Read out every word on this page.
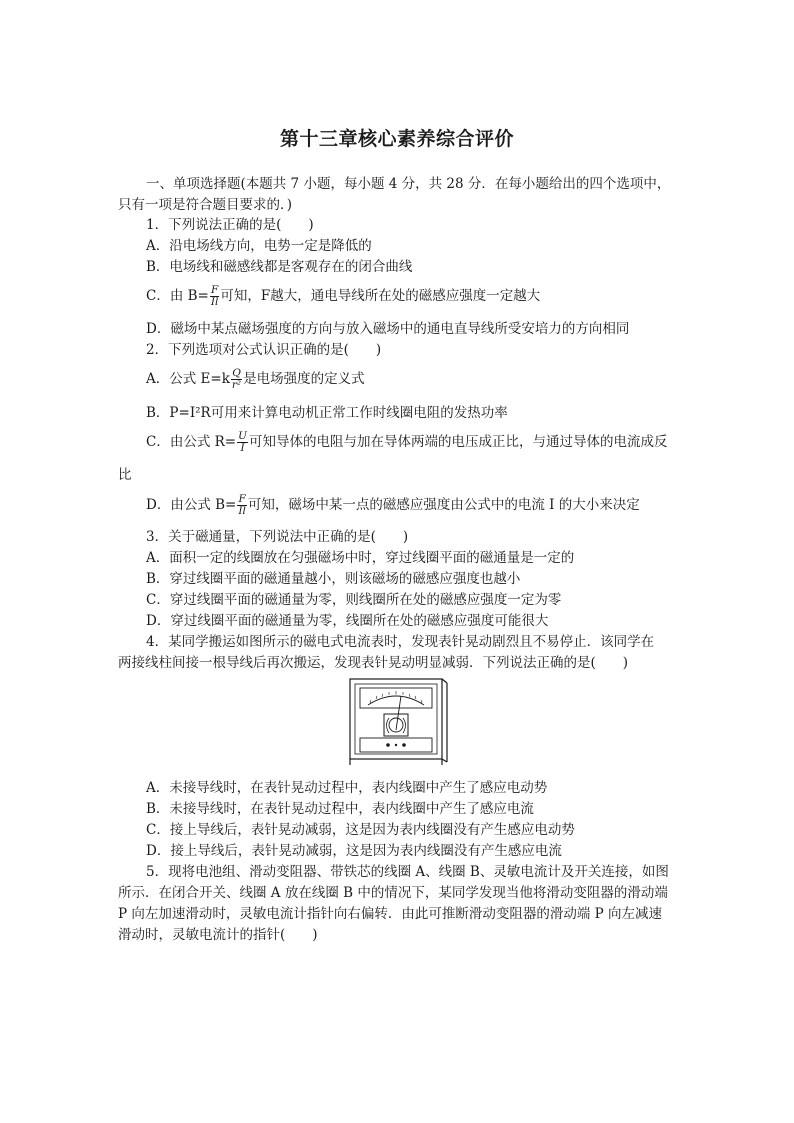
第十三章核心素养综合评价
一、单项选择题(本题共 7 小题，每小题 4 分，共 28 分．在每小题给出的四个选项中，
只有一项是符合题目要求的．)
1．下列说法正确的是(　　)
A．沿电场线方向，电势一定是降低的
B．电场线和磁感线都是客观存在的闭合曲线
C．由 $B= \frac{F}{Il}$ 可知，F越大，通电导线所在处的磁感应强度一定越大
D．磁场中某点磁场强度的方向与放入磁场中的通电直导线所受安培力的方向相同
2．下列选项对公式认识正确的是(　　)
A．公式 $E=k \frac{Q}{\text{r²}}$ 是电场强度的定义式
B．P=I²R可用来计算电动机正常工作时线圈电阻的发热功率
C．由公式 $R= \frac{U}{I}$ 可知导体的电阻与加在导体两端的电压成正比，与通过导体的电流成反
比
D．由公式 $B= \frac{F}{Il}$ 可知，磁场中某一点的磁感应强度由公式中的电流 I 的大小来决定
3．关于磁通量，下列说法中正确的是(　　)
A．面积一定的线圈放在匀强磁场中时，穿过线圈平面的磁通量是一定的
B．穿过线圈平面的磁通量越小，则该磁场的磁感应强度也越小
C．穿过线圈平面的磁通量为零，则线圈所在处的磁感应强度一定为零
D．穿过线圈平面的磁通量为零，线圈所在处的磁感应强度可能很大
4．某同学搬运如图所示的磁电式电流表时，发现表针晃动剧烈且不易停止．该同学在
两接线柱间接一根导线后再次搬运，发现表针晃动明显减弱．下列说法正确的是(　　)
A．未接导线时，在表针晃动过程中，表内线圈中产生了感应电动势
B．未接导线时，在表针晃动过程中，表内线圈中产生了感应电流
C．接上导线后，表针晃动减弱，这是因为表内线圈没有产生感应电动势
D．接上导线后，表针晃动减弱，这是因为表内线圈没有产生感应电流
5．现将电池组、滑动变阻器、带铁芯的线圈 A、线圈 B、灵敏电流计及开关连接，如图
所示．在闭合开关、线圈 A 放在线圈 B 中的情况下，某同学发现当他将滑动变阻器的滑动端
P 向左加速滑动时，灵敏电流计指针向右偏转．由此可推断滑动变阻器的滑动端 P 向左减速
滑动时，灵敏电流计的指针(　　)
